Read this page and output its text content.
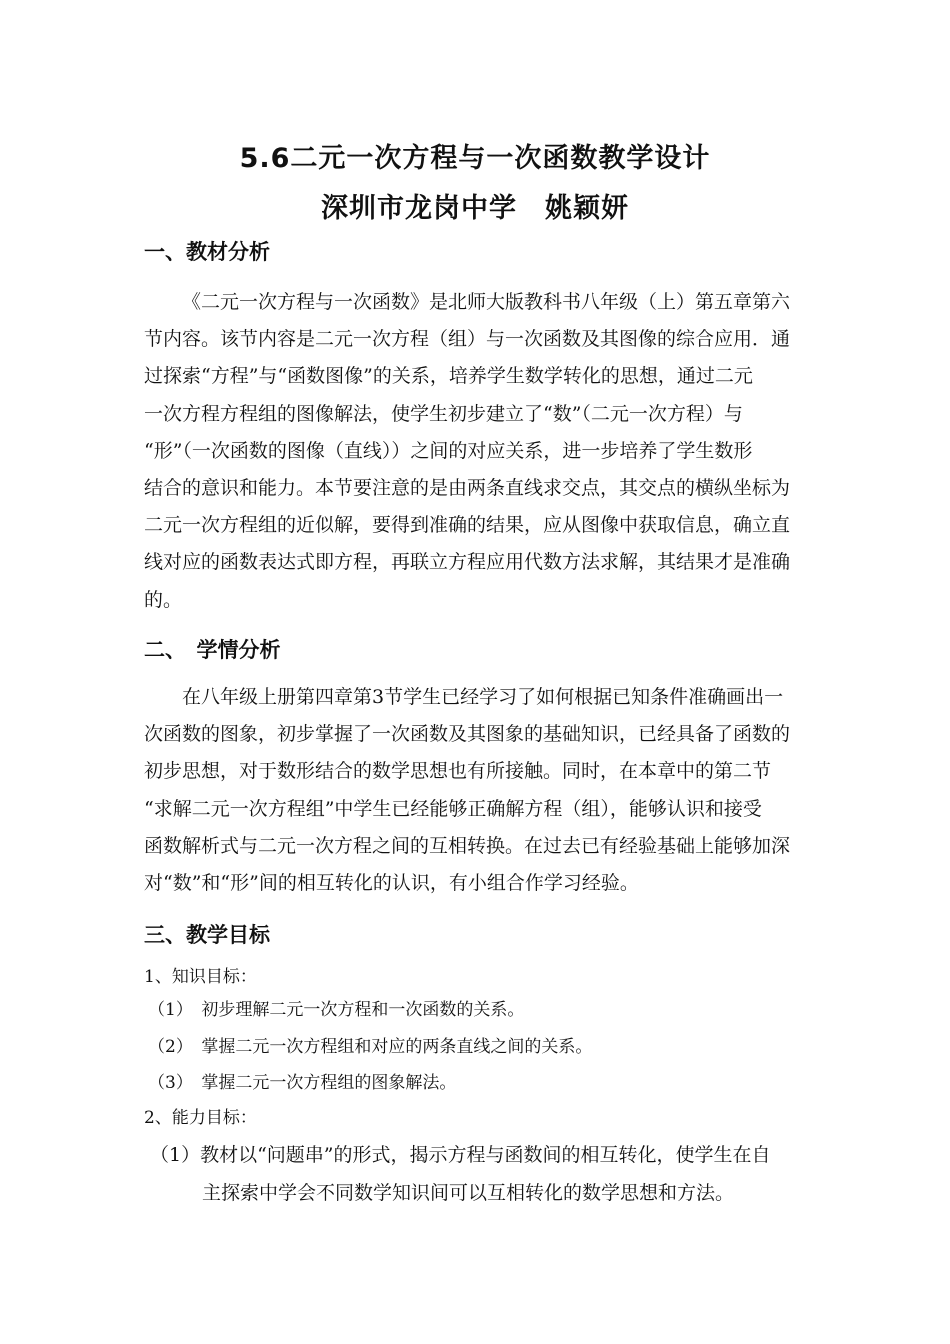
5.6二元一次方程与一次函数教学设计
深圳市龙岗中学　姚颖妍
一、教材分析
《二元一次方程与一次函数》是北师大版教科书八年级（上）第五章第六
节内容。该节内容是二元一次方程（组）与一次函数及其图像的综合应用．通
过探索“方程”与“函数图像”的关系，培养学生数学转化的思想，通过二元
一次方程方程组的图像解法，使学生初步建立了“数”（二元一次方程）与
“形”（一次函数的图像（直线））之间的对应关系，进一步培养了学生数形
结合的意识和能力。本节要注意的是由两条直线求交点，其交点的横纵坐标为
二元一次方程组的近似解，要得到准确的结果，应从图像中获取信息，确立直
线对应的函数表达式即方程，再联立方程应用代数方法求解，其结果才是准确
的。
二、　学情分析
在八年级上册第四章第3节学生已经学习了如何根据已知条件准确画出一
次函数的图象，初步掌握了一次函数及其图象的基础知识，已经具备了函数的
初步思想，对于数形结合的数学思想也有所接触。同时，在本章中的第二节
“求解二元一次方程组”中学生已经能够正确解方程（组），能够认识和接受
函数解析式与二元一次方程之间的互相转换。在过去已有经验基础上能够加深
对“数”和“形”间的相互转化的认识，有小组合作学习经验。
三、教学目标
1、知识目标：
（1）　初步理解二元一次方程和一次函数的关系。
（2）　掌握二元一次方程组和对应的两条直线之间的关系。
（3）　掌握二元一次方程组的图象解法。
2、能力目标：
（1）教材以“问题串”的形式，揭示方程与函数间的相互转化，使学生在自
主探索中学会不同数学知识间可以互相转化的数学思想和方法。
